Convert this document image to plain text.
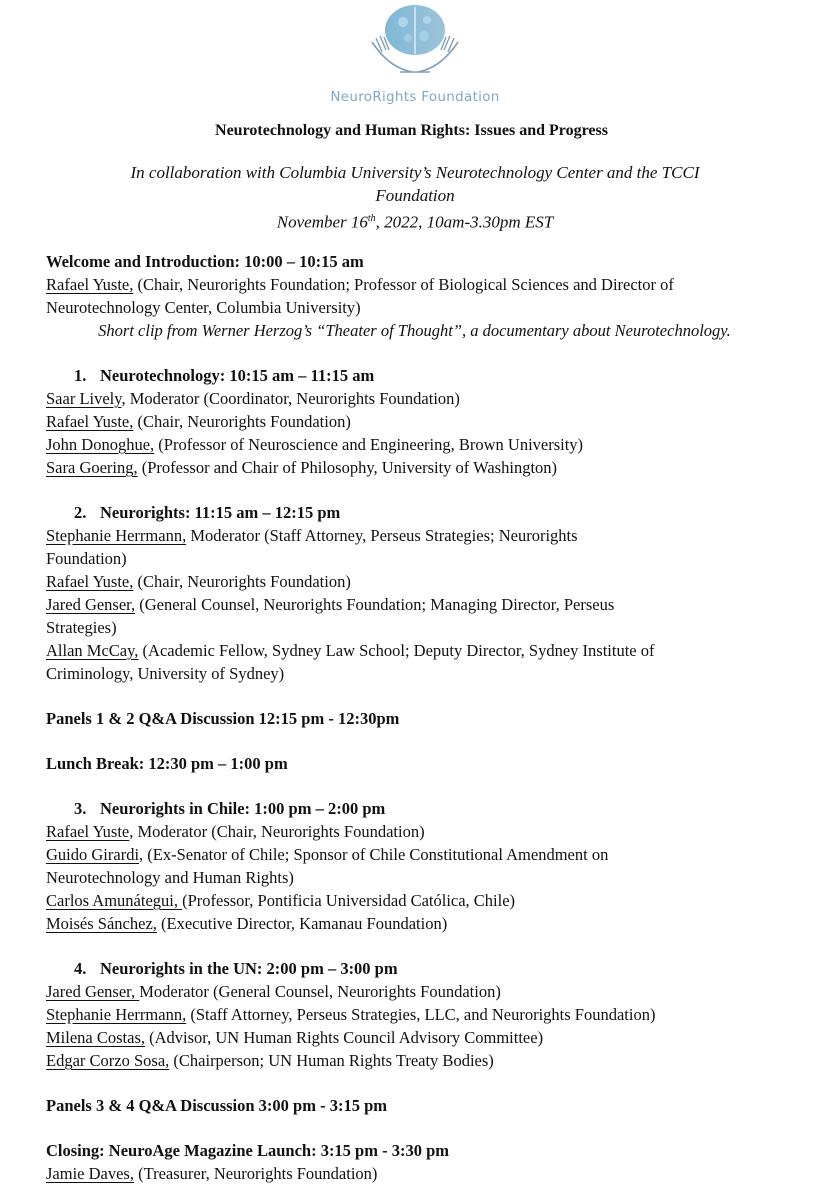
NeuroRights Foundation
Neurotechnology and Human Rights: Issues and Progress
In collaboration with Columbia University’s Neurotechnology Center and the TCCI
Foundation
November 16th, 2022, 10am-3.30pm EST
Welcome and Introduction: 10:00 – 10:15 am
Rafael Yuste, (Chair, Neurorights Foundation; Professor of Biological Sciences and Director of
Neurotechnology Center, Columbia University)
Short clip from Werner Herzog’s “Theater of Thought”, a documentary about Neurotechnology.
1. Neurotechnology: 10:15 am – 11:15 am
Saar Lively, Moderator (Coordinator, Neurorights Foundation)
Rafael Yuste, (Chair, Neurorights Foundation)
John Donoghue, (Professor of Neuroscience and Engineering, Brown University)
Sara Goering, (Professor and Chair of Philosophy, University of Washington)
2. Neurorights: 11:15 am – 12:15 pm
Stephanie Herrmann, Moderator (Staff Attorney, Perseus Strategies; Neurorights
Foundation)
Rafael Yuste, (Chair, Neurorights Foundation)
Jared Genser, (General Counsel, Neurorights Foundation; Managing Director, Perseus
Strategies)
Allan McCay, (Academic Fellow, Sydney Law School; Deputy Director, Sydney Institute of
Criminology, University of Sydney)
Panels 1 & 2 Q&A Discussion 12:15 pm - 12:30pm
Lunch Break: 12:30 pm – 1:00 pm
3. Neurorights in Chile: 1:00 pm – 2:00 pm
Rafael Yuste, Moderator (Chair, Neurorights Foundation)
Guido Girardi, (Ex-Senator of Chile; Sponsor of Chile Constitutional Amendment on
Neurotechnology and Human Rights)
Carlos Amunátegui, (Professor, Pontificia Universidad Católica, Chile)
Moisés Sánchez, (Executive Director, Kamanau Foundation)
4. Neurorights in the UN: 2:00 pm – 3:00 pm
Jared Genser, Moderator (General Counsel, Neurorights Foundation)
Stephanie Herrmann, (Staff Attorney, Perseus Strategies, LLC, and Neurorights Foundation)
Milena Costas, (Advisor, UN Human Rights Council Advisory Committee)
Edgar Corzo Sosa, (Chairperson; UN Human Rights Treaty Bodies)
Panels 3 & 4 Q&A Discussion 3:00 pm - 3:15 pm
Closing: NeuroAge Magazine Launch: 3:15 pm - 3:30 pm
Jamie Daves, (Treasurer, Neurorights Foundation)
